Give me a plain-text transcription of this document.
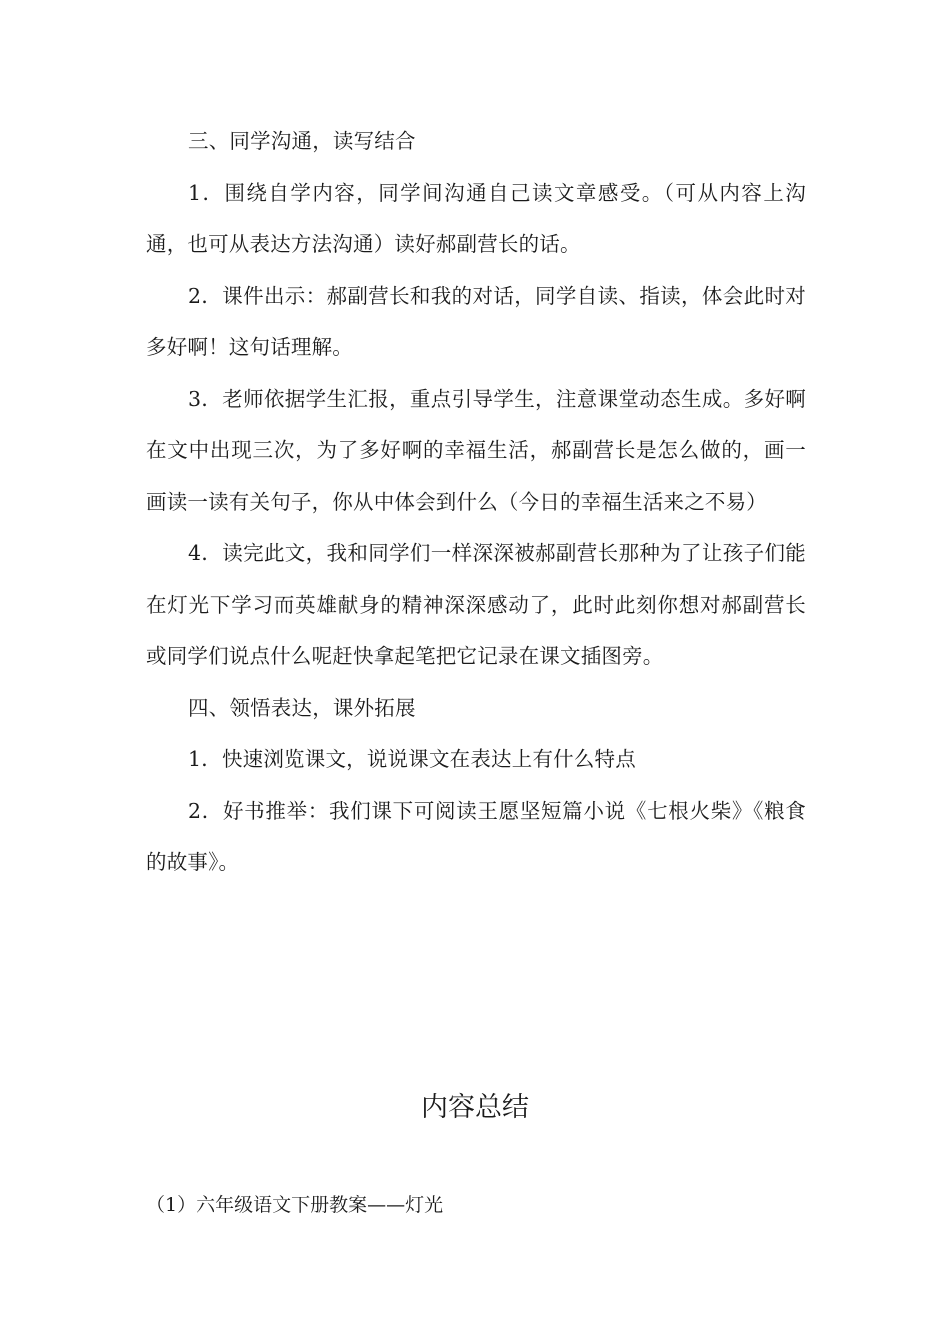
三、同学沟通，读写结合

1．围绕自学内容，同学间沟通自己读文章感受。（可从内容上沟通，也可从表达方法沟通）读好郝副营长的话。

2．课件出示：郝副营长和我的对话，同学自读、指读，体会此时对多好啊！这句话理解。

3．老师依据学生汇报，重点引导学生，注意课堂动态生成。多好啊在文中出现三次，为了多好啊的幸福生活，郝副营长是怎么做的，画一画读一读有关句子，你从中体会到什么（今日的幸福生活来之不易）

4．读完此文，我和同学们一样深深被郝副营长那种为了让孩子们能在灯光下学习而英雄献身的精神深深感动了，此时此刻你想对郝副营长或同学们说点什么呢赶快拿起笔把它记录在课文插图旁。

四、领悟表达，课外拓展

1．快速浏览课文，说说课文在表达上有什么特点

2．好书推举：我们课下可阅读王愿坚短篇小说《七根火柴》《粮食的故事》。

内容总结

（1）六年级语文下册教案——灯光
